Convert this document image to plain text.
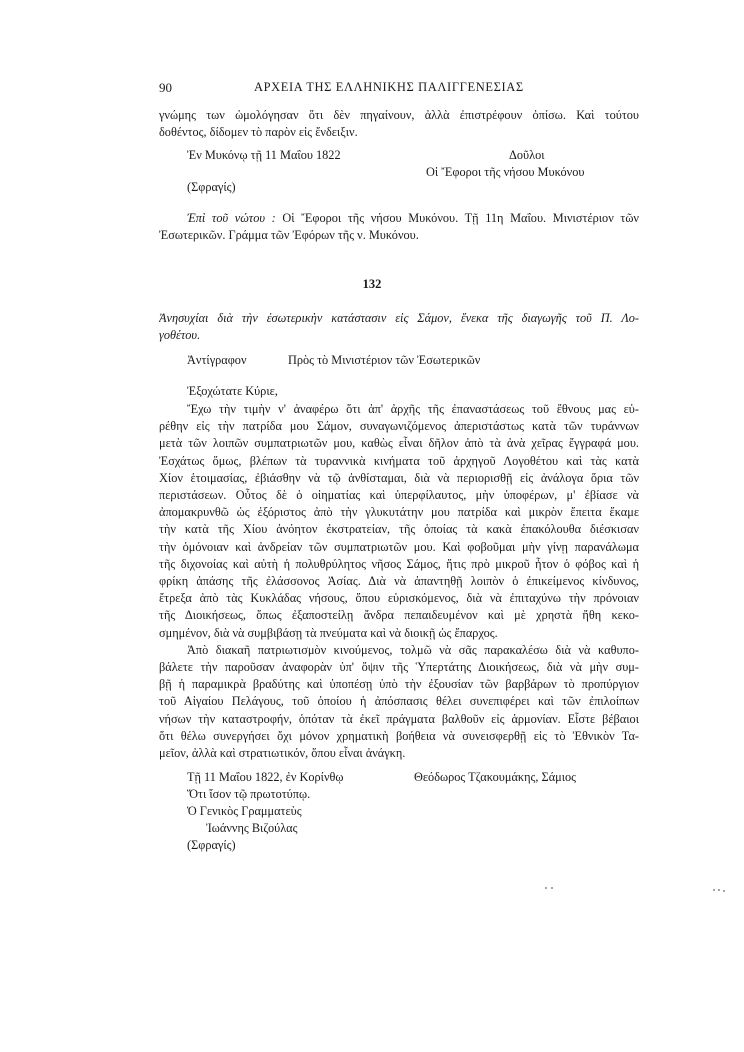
90	ΑΡΧΕΙΑ ΤΗΣ ΕΛΛΗΝΙΚΗΣ ΠΑΛΙΓΓΕΝΕΣΙΑΣ
γνώμης των ὡμολόγησαν ὅτι δὲν πηγαίνουν, ἀλλὰ ἐπιστρέφουν ὀπίσω. Καὶ τούτου
δοθέντος, δίδομεν τὸ παρὸν εἰς ἔνδειξιν.
Ἐν Μυκόνῳ τῇ 11 Μαΐου 1822	Δοῦλοι
Οἱ Ἔφοροι τῆς νήσου Μυκόνου
(Σφραγίς)
Ἐπὶ τοῦ νώτου : Οἱ Ἔφοροι τῆς νήσου Μυκόνου. Τῇ 11η Μαΐου. Μινιστέριον τῶν
Ἐσωτερικῶν. Γράμμα τῶν Ἐφόρων τῆς ν. Μυκόνου.
132
Ἀνησυχίαι διὰ τὴν ἐσωτερικὴν κατάστασιν εἰς Σάμον, ἕνεκα τῆς διαγωγῆς τοῦ Π. Λο-
γοθέτου.
Ἀντίγραφον	Πρὸς τὸ Μινιστέριον τῶν Ἐσωτερικῶν
Ἐξοχώτατε Κύριε,
Ἔχω τὴν τιμὴν ν' ἀναφέρω ὅτι ἀπ' ἀρχῆς τῆς ἐπαναστάσεως τοῦ ἔθνους μας εὑ-
ρέθην εἰς τὴν πατρίδα μου Σάμον, συναγωνιζόμενος ἀπεριστάστως κατὰ τῶν τυράννων
μετὰ τῶν λοιπῶν συμπατριωτῶν μου, καθὼς εἶναι δῆλον ἀπὸ τὰ ἀνὰ χεῖρας ἔγγραφά μου.
Ἐσχάτως ὅμως, βλέπων τὰ τυραννικὰ κινήματα τοῦ ἀρχηγοῦ Λογοθέτου καὶ τὰς κατὰ
Χίον ἑτοιμασίας, ἐβιάσθην νὰ τῷ ἀνθίσταμαι, διὰ νὰ περιορισθῇ εἰς ἀνάλογα ὅρια τῶν
περιστάσεων. Οὗτος δὲ ὁ οἰηματίας καὶ ὑπερφίλαυτος, μὴν ὑποφέρων, μ' ἐβίασε νὰ
ἀπομακρυνθῶ ὡς ἐξόριστος ἀπὸ τὴν γλυκυτάτην μου πατρίδα καὶ μικρὸν ἔπειτα ἔκαμε
τὴν κατὰ τῆς Χίου ἀνόητον ἐκστρατείαν, τῆς ὁποίας τὰ κακὰ ἐπακόλουθα διέσκισαν
τὴν ὁμόνοιαν καὶ ἀνδρείαν τῶν συμπατριωτῶν μου. Καὶ φοβοῦμαι μὴν γίνῃ παρανάλωμα
τῆς διχονοίας καὶ αὐτὴ ἡ πολυθρύλητος νῆσος Σάμος, ἥτις πρὸ μικροῦ ἦτον ὁ φόβος καὶ ἡ
φρίκη ἁπάσης τῆς ἐλάσσονος Ἀσίας. Διὰ νὰ ἀπαντηθῇ λοιπὸν ὁ ἐπικείμενος κίνδυνος,
ἔτρεξα ἀπὸ τὰς Κυκλάδας νήσους, ὅπου εὑρισκόμενος, διὰ νὰ ἐπιταχύνω τὴν πρόνοιαν
τῆς Διοικήσεως, ὅπως ἐξαποστείλῃ ἄνδρα πεπαιδευμένον καὶ μὲ χρηστὰ ἤθη κεκο-
σμημένον, διὰ νὰ συμβιβάσῃ τὰ πνεύματα καὶ νὰ διοικῇ ὡς ἔπαρχος.
Ἀπὸ διακαῆ πατριωτισμὸν κινούμενος, τολμῶ νὰ σᾶς παρακαλέσω διὰ νὰ καθυπο-
βάλετε τὴν παροῦσαν ἀναφορὰν ὑπ' ὄψιν τῆς Ὑπερτάτης Διοικήσεως, διὰ νὰ μὴν συμ-
βῇ ἡ παραμικρὰ βραδύτης καὶ ὑποπέσῃ ὑπὸ τὴν ἐξουσίαν τῶν βαρβάρων τὸ προπύργιον
τοῦ Αἰγαίου Πελάγους, τοῦ ὁποίου ἡ ἀπόσπασις θέλει συνεπιφέρει καὶ τῶν ἐπιλοίπων
νήσων τὴν καταστροφήν, ὁπόταν τὰ ἐκεῖ πράγματα βαλθοῦν εἰς ἁρμονίαν. Εἶστε βέβαιοι
ὅτι θέλω συνεργήσει ὄχι μόνον χρηματικὴ βοήθεια νὰ συνεισφερθῇ εἰς τὸ Ἐθνικὸν Τα-
μεῖον, ἀλλὰ καὶ στρατιωτικόν, ὅπου εἶναι ἀνάγκη.
Τῇ 11 Μαΐου 1822, ἐν Κορίνθῳ	Θεόδωρος Τζακουμάκης, Σάμιος
Ὅτι ἴσον τῷ πρωτοτύπῳ.
Ὁ Γενικὸς Γραμματεὺς
Ἰωάννης Βιζούλας
(Σφραγίς)
